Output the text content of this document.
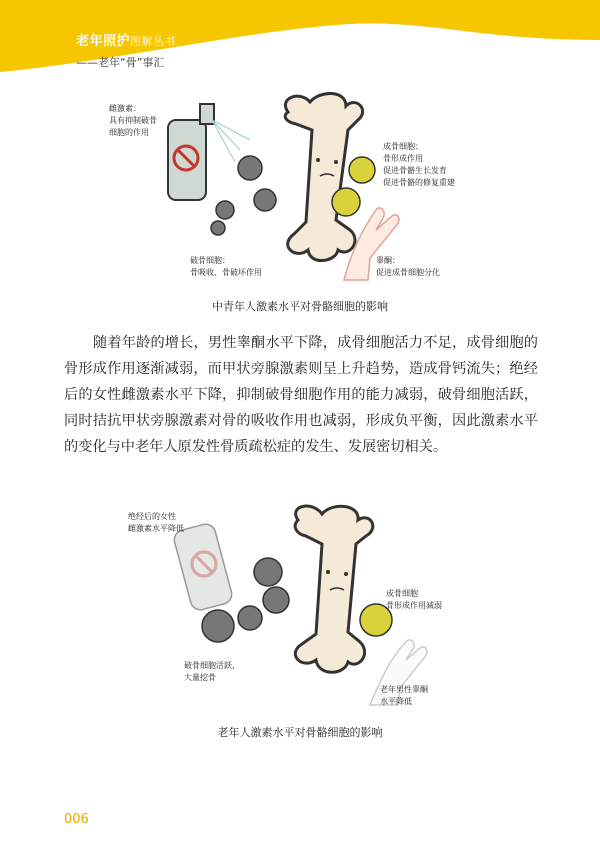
老年照护图解丛书
——老年“骨”事汇
雌激素：
具有抑制破骨
细胞的作用
成骨细胞：
骨形成作用
促进骨骼生长发育
促进骨骼的修复重建
破骨细胞：
骨吸收、骨破坏作用
睾酮：
促进成骨细胞分化
中青年人激素水平对骨骼细胞的影响

随着年龄的增长，男性睾酮水平下降，成骨细胞活力不足，成骨细胞的骨形成作用逐渐减弱，而甲状旁腺激素则呈上升趋势，造成骨钙流失；绝经后的女性雌激素水平下降，抑制破骨细胞作用的能力减弱，破骨细胞活跃，同时拮抗甲状旁腺激素对骨的吸收作用也减弱，形成负平衡，因此激素水平的变化与中老年人原发性骨质疏松症的发生、发展密切相关。

绝经后的女性
雌激素水平降低
成骨细胞
骨形成作用减弱
破骨细胞活跃，
大量挖骨
老年男性睾酮
水平降低
老年人激素水平对骨骼细胞的影响
006
